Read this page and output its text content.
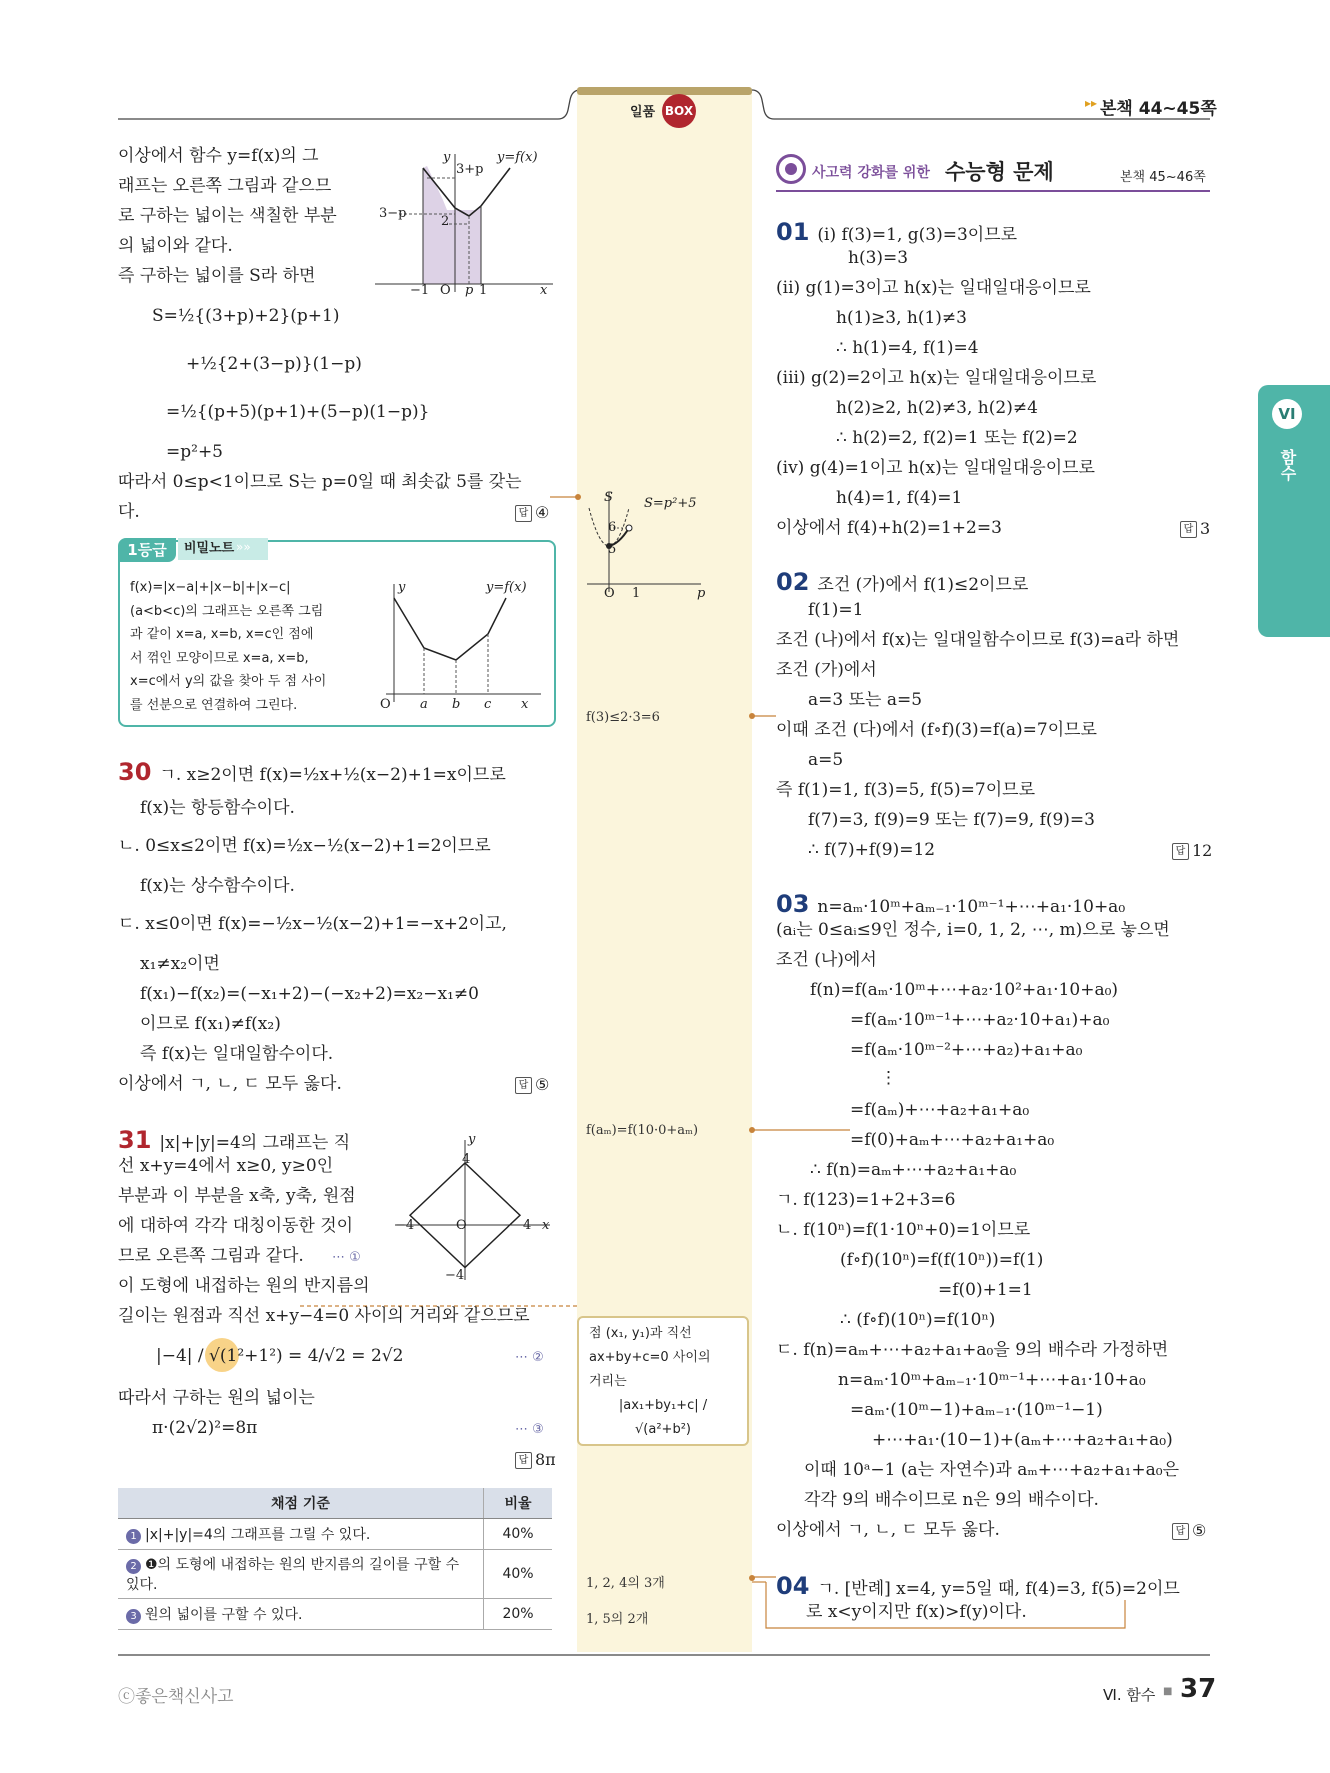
일품 BOX
▸▸ 본책 44~45쪽
VI
함수
이상에서 함수 y=f(x)의 그
래프는 오른쪽 그림과 같으므
로 구하는 넓이는 색칠한 부분
의 넓이와 같다.
즉 구하는 넓이를 S라 하면
y	y=f(x)
3+p
3−p
2
−1 O p 1	x
S=½{(3+p)+2}(p+1)
+½{2+(3−p)}(1−p)
=½{(p+5)(p+1)+(5−p)(1−p)}
=p²+5
따라서 0≤p<1이므로 S는 p=0일 때 최솟값 5를 갖는
다.	답 ④
1등급	비밀노트 »»
f(x)=|x−a|+|x−b|+|x−c|
(a<b<c)의 그래프는 오른쪽 그림
과 같이 x=a, x=b, x=c인 점에
서 꺾인 모양이므로 x=a, x=b,
x=c에서 y의 값을 찾아 두 점 사이
를 선분으로 연결하여 그린다.
y	y=f(x)
O a b c x
30 ㄱ. x≥2이면 f(x)=½x+½(x−2)+1=x이므로
f(x)는 항등함수이다.
ㄴ. 0≤x≤2이면 f(x)=½x−½(x−2)+1=2이므로
f(x)는 상수함수이다.
ㄷ. x≤0이면 f(x)=−½x−½(x−2)+1=−x+2이고,
x₁≠x₂이면
f(x₁)−f(x₂)=(−x₁+2)−(−x₂+2)=x₂−x₁≠0
이므로 f(x₁)≠f(x₂)
즉 f(x)는 일대일함수이다.
이상에서 ㄱ, ㄴ, ㄷ 모두 옳다.	답 ⑤
31 |x|+|y|=4의 그래프는 직
선 x+y=4에서 x≥0, y≥0인
부분과 이 부분을 x축, y축, 원점
에 대하여 각각 대칭이동한 것이
므로 오른쪽 그림과 같다. ⋯ ①
이 도형에 내접하는 원의 반지름의
길이는 원점과 직선 x+y−4=0 사이의 거리와 같으므로
|−4| / √(1²+1²) = 4/√2 = 2√2	⋯ ②
따라서 구하는 원의 넓이는
π·(2√2)²=8π	⋯ ③
답 8π
y
4
−4	O	4 x
−4
채점 기준	비율
1 |x|+|y|=4의 그래프를 그릴 수 있다.	40%
2 ❶의 도형에 내접하는 원의 반지름의 길이를 구할 수 있다.	40%
3 원의 넓이를 구할 수 있다.	20%
S S=p²+5
6
5
O 1	p
f(3)≤2·3=6
f(aₘ)=f(10·0+aₘ)
점 (x₁, y₁)과 직선
ax+by+c=0 사이의
거리는
|ax₁+by₁+c| / √(a²+b²)
1, 2, 4의 3개
1, 5의 2개
사고력 강화를 위한 수능형 문제	본책 45~46쪽
01 (i) f(3)=1, g(3)=3이므로
h(3)=3
(ii) g(1)=3이고 h(x)는 일대일대응이므로
h(1)≥3, h(1)≠3
∴ h(1)=4, f(1)=4
(iii) g(2)=2이고 h(x)는 일대일대응이므로
h(2)≥2, h(2)≠3, h(2)≠4
∴ h(2)=2, f(2)=1 또는 f(2)=2
(iv) g(4)=1이고 h(x)는 일대일대응이므로
h(4)=1, f(4)=1
이상에서 f(4)+h(2)=1+2=3	답 3
02 조건 (가)에서 f(1)≤2이므로
f(1)=1
조건 (나)에서 f(x)는 일대일함수이므로 f(3)=a라 하면
조건 (가)에서
a=3 또는 a=5
이때 조건 (다)에서 (f∘f)(3)=f(a)=7이므로
a=5
즉 f(1)=1, f(3)=5, f(5)=7이므로
f(7)=3, f(9)=9 또는 f(7)=9, f(9)=3
∴ f(7)+f(9)=12	답 12
03 n=aₘ·10ᵐ+aₘ₋₁·10ᵐ⁻¹+⋯+a₁·10+a₀
(aᵢ는 0≤aᵢ≤9인 정수, i=0, 1, 2, ⋯, m)으로 놓으면
조건 (나)에서
f(n)=f(aₘ·10ᵐ+⋯+a₂·10²+a₁·10+a₀)
=f(aₘ·10ᵐ⁻¹+⋯+a₂·10+a₁)+a₀
=f(aₘ·10ᵐ⁻²+⋯+a₂)+a₁+a₀
⋮
=f(aₘ)+⋯+a₂+a₁+a₀
=f(0)+aₘ+⋯+a₂+a₁+a₀
∴ f(n)=aₘ+⋯+a₂+a₁+a₀
ㄱ. f(123)=1+2+3=6
ㄴ. f(10ⁿ)=f(1·10ⁿ+0)=1이므로
(f∘f)(10ⁿ)=f(f(10ⁿ))=f(1)
=f(0)+1=1
∴ (f∘f)(10ⁿ)=f(10ⁿ)
ㄷ. f(n)=aₘ+⋯+a₂+a₁+a₀을 9의 배수라 가정하면
n=aₘ·10ᵐ+aₘ₋₁·10ᵐ⁻¹+⋯+a₁·10+a₀
=aₘ·(10ᵐ−1)+aₘ₋₁·(10ᵐ⁻¹−1)
+⋯+a₁·(10−1)+(aₘ+⋯+a₂+a₁+a₀)
이때 10ᵃ−1 (a는 자연수)과 aₘ+⋯+a₂+a₁+a₀은
각각 9의 배수이므로 n은 9의 배수이다.
이상에서 ㄱ, ㄴ, ㄷ 모두 옳다.	답 ⑤
04 ㄱ. [반례] x=4, y=5일 때, f(4)=3, f(5)=2이므
로 x<y이지만 f(x)>f(y)이다.
ⓒ좋은책신사고	Ⅵ. 함수 ■ 37
